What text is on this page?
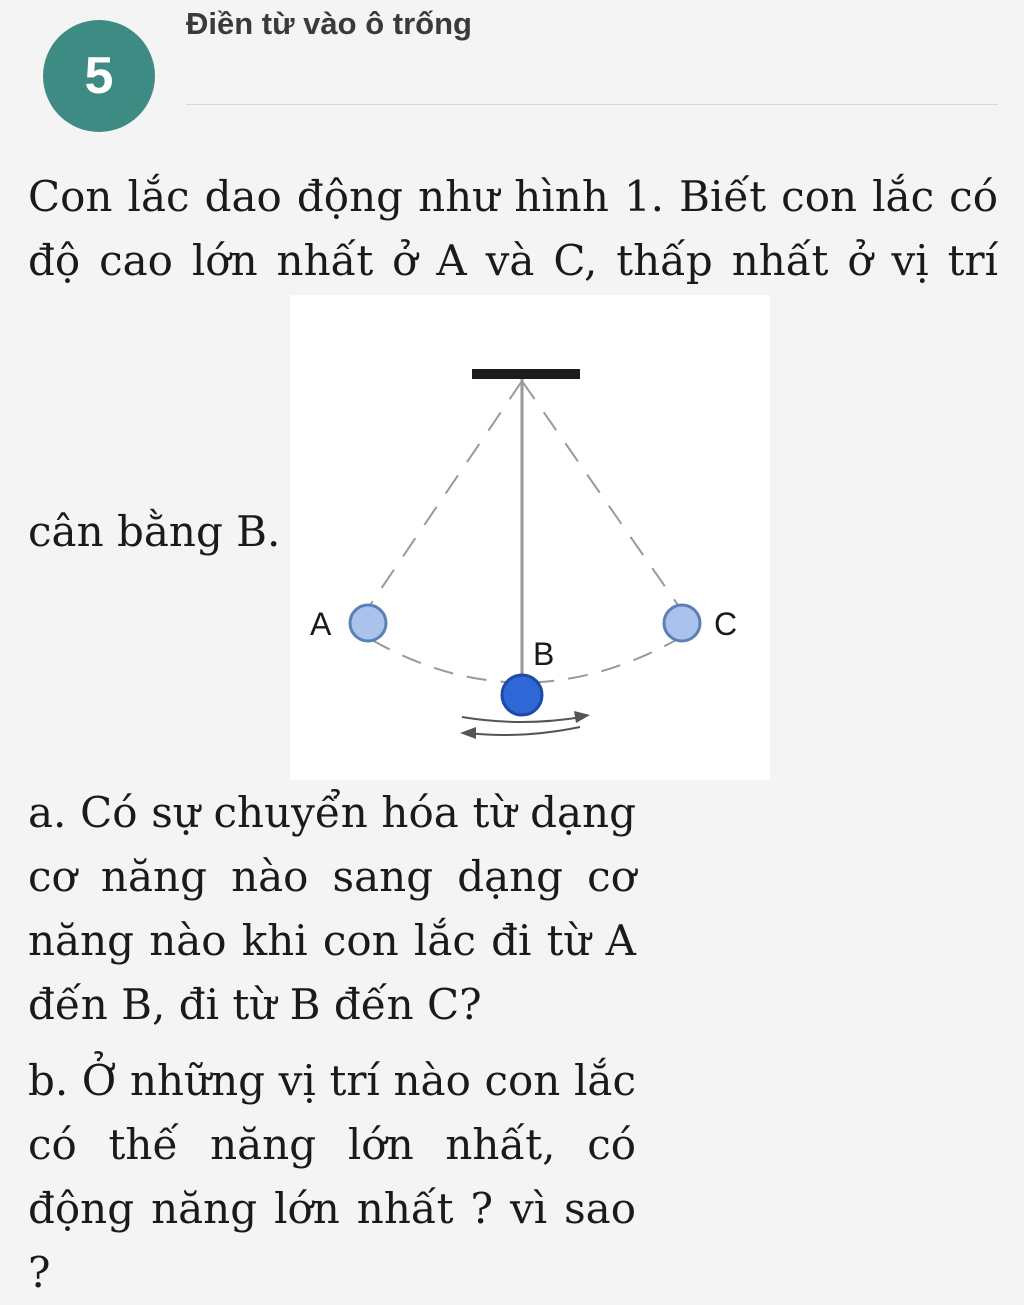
5
Điền từ vào ô trống
Con lắc dao động như hình 1. Biết con lắc có
độ cao lớn nhất ở A và C, thấp nhất ở vị trí
cân bằng B.
A
B
C
a. Có sự chuyển hóa từ dạng
cơ năng nào sang dạng cơ
năng nào khi con lắc đi từ A
đến B, đi từ B đến C?
b. Ở những vị trí nào con lắc
có thế năng lớn nhất, có
động năng lớn nhất ? vì sao ?
